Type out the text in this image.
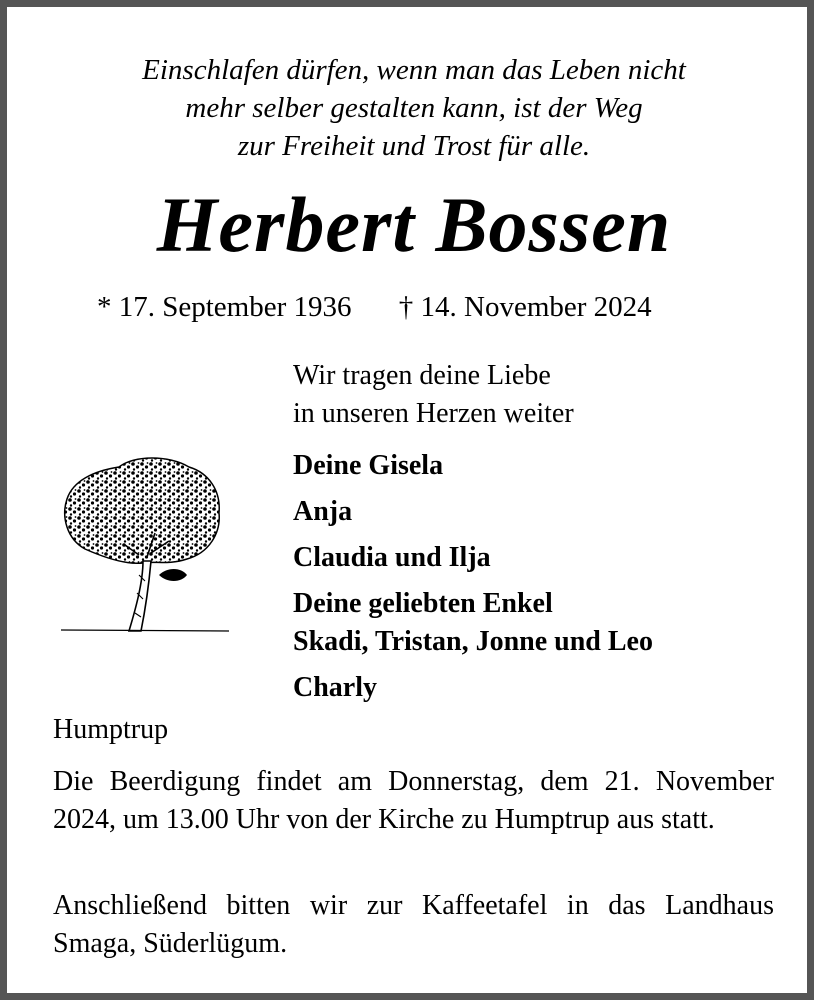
Einschlafen dürfen, wenn man das Leben nicht
mehr selber gestalten kann, ist der Weg
zur Freiheit und Trost für alle.
Herbert Bossen
* 17. September 1936 † 14. November 2024
Wir tragen deine Liebe
in unseren Herzen weiter
Deine Gisela
Anja
Claudia und Ilja
Deine geliebten Enkel
Skadi, Tristan, Jonne und Leo
Charly
Humptrup
Die Beerdigung findet am Donnerstag, dem 21. November 2024, um 13.00 Uhr von der Kirche zu Humptrup aus statt.
Anschließend bitten wir zur Kaffeetafel in das Landhaus Smaga, Süderlügum.
